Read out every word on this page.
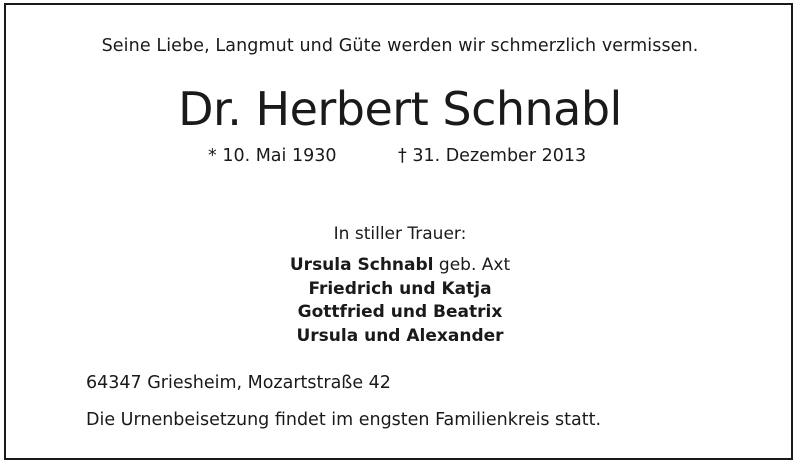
Seine Liebe, Langmut und Güte werden wir schmerzlich vermissen.
Dr. Herbert Schnabl
* 10. Mai 1930	† 31. Dezember 2013
In stiller Trauer:
Ursula Schnabl geb. Axt
Friedrich und Katja
Gottfried und Beatrix
Ursula und Alexander
64347 Griesheim, Mozartstraße 42
Die Urnenbeisetzung findet im engsten Familienkreis statt.
